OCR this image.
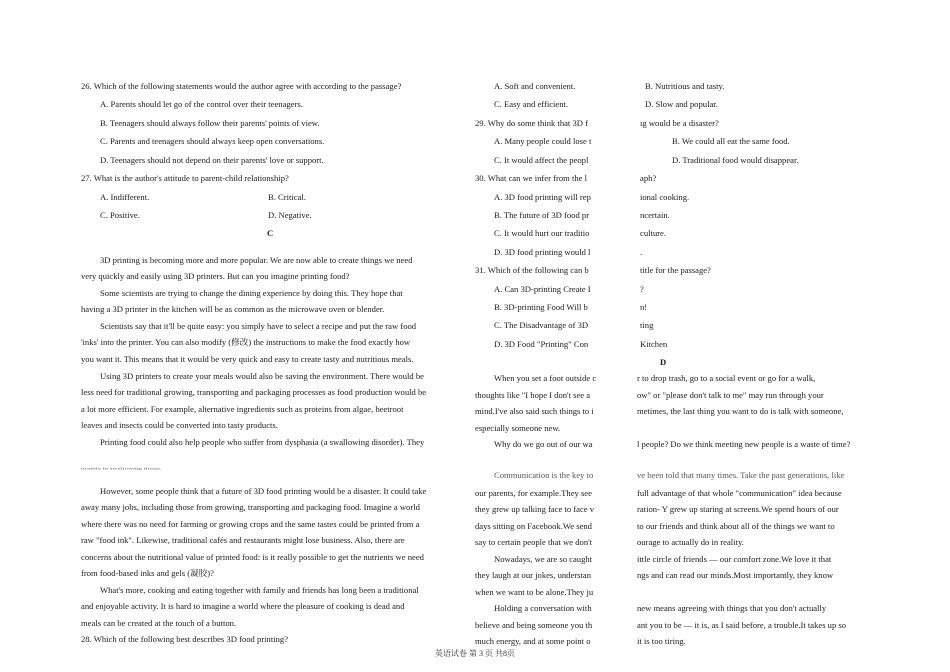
26. Which of the following statements would the author agree with according to the passage?
A. Parents should let go of the control over their teenagers.
B. Teenagers should always follow their parents' points of view.
C. Parents and teenagers should always keep open conversations.
D. Teenagers should not depend on their parents' love or support.
27. What is the author's attitude to parent-child relationship?
A. Indifferent.	B. Critical.
C. Positive.	D. Negative.
C
3D printing is becoming more and more popular. We are now able to create things we need
very quickly and easily using 3D printers. But can you imagine printing food?
Some scientists are trying to change the dining experience by doing this. They hope that
having a 3D printer in the kitchen will be as common as the microwave oven or blender.
Scientists say that it'll be quite easy: you simply have to select a recipe and put the raw food
'inks' into the printer. You can also modify (修改) the instructions to make the food exactly how
you want it. This means that it would be very quick and easy to create tasty and nutritious meals.
Using 3D printers to create your meals would also be saving the environment. There would be
less need for traditional growing, transporting and packaging processes as food production would be
a lot more efficient. For example, alternative ingredients such as proteins from algae, beetroot
leaves and insects could be converted into tasty products.
Printing food could also help people who suffer from dysphasia (a swallowing disorder). They
trouble in swallowing tlrean.
However, some people think that a future of 3D food printing would be a disaster. It could take
away many jobs, including those from growing, transporting and packaging food. Imagine a world
where there was no need for farming or growing crops and the same tastes could be printed from a
raw "food ink". Likewise, traditional cafés and restaurants might lose business. Also, there are
concerns about the nutritional value of printed food: is it really possible to get the nutrients we need
from food-based inks and gels (凝胶)?
What's more, cooking and eating together with family and friends has long been a traditional
and enjoyable activity. It is hard to imagine a world where the pleasure of cooking is dead and
meals can be created at the touch of a button.
28. Which of the following best describes 3D food printing?
A. Soft and convenient.	B. Nutritious and tasty.
C. Easy and efficient.	D. Slow and popular.
29. Why do some think that 3D f	ıg would be a disaster?
A. Many people could lose t	B. We could all eat the same food.
C. It would affect the peopl	D. Traditional food would disappear.
30. What can we infer from the l	aph?
A. 3D food printing will rep	ional cooking.
B. The future of 3D food pr	ncertain.
C. It would hurt our traditio	culture.
D. 3D food printing would l	.
31. Which of the following can b	title for the passage?
A. Can 3D-printing Create I	?
B. 3D-printing Food Will b	n!
C. The Disadvantage of 3D	ting
D. 3D Food "Printing" Con	Kitchen
D
When you set a foot outside c
thoughts like "I hope I don't see a
mind.I've also said such things to i
especially someone new.
Why do we go out of our wa
Communication is the key to
our parents, for example.They see
they grew up talking face to face v
days sitting on Facebook.We send
say to certain people that we don't
Nowadays, we are so caught
they laugh at our jokes, understan
when we want to be alone.They ju
Holding a conversation with
believe and being someone you th
much energy, and at some point o
r to drop trash, go to a social event or go for a walk,
ow" or "please don't talk to me" may run through your
metimes, the last thing you want to do is talk with someone,
l people? Do we think meeting new people is a waste of time?
ve been told that many times. Take the past generations, like
full advantage of that whole "communication" idea because
ration- Y grew up staring at screens.We spend hours of our
to our friends and think about all of the things we want to
ourage to actually do in reality.
ittle circle of friends — our comfort zone.We love it that
ngs and can read our minds.Most importantly, they know
new means agreeing with things that you don't actually
ant you to be — it is, as I said before, a trouble.It takes up so
it is too tiring.
英语试卷 第 3 页 共8页
